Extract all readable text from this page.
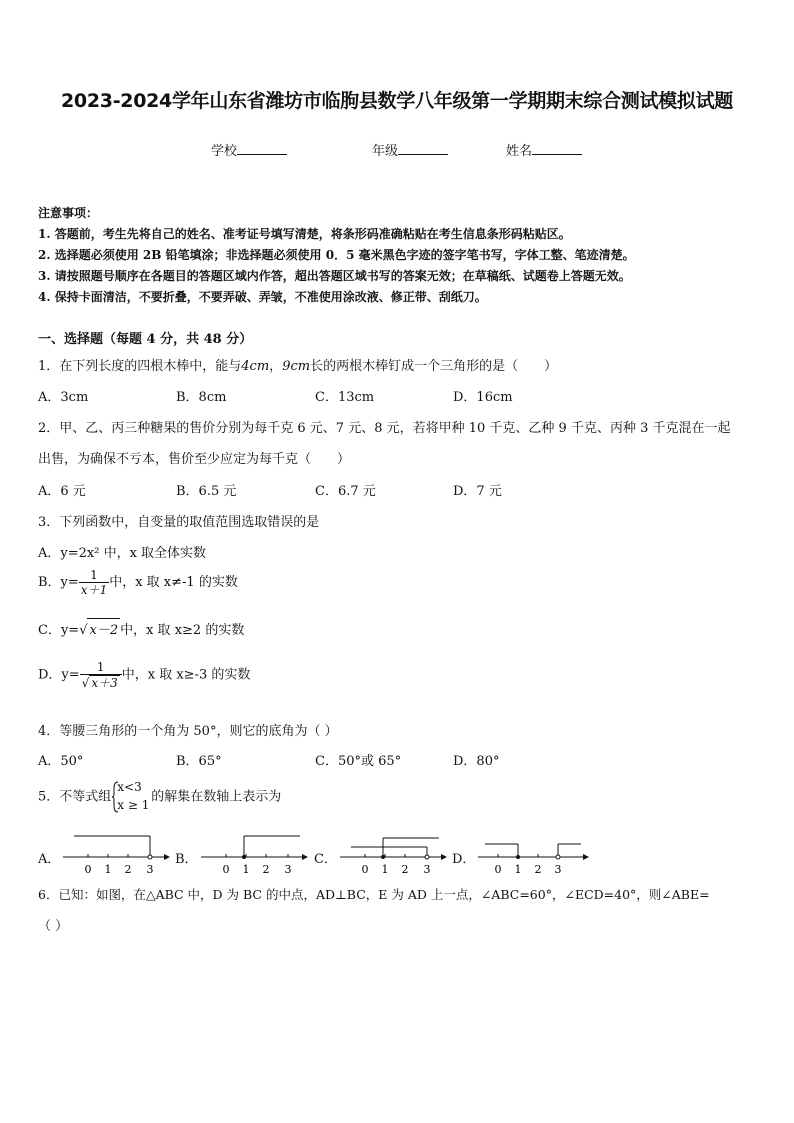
2023-2024学年山东省潍坊市临朐县数学八年级第一学期期末综合测试模拟试题
学校	年级	姓名
注意事项：
1. 答题前，考生先将自己的姓名、准考证号填写清楚，将条形码准确粘贴在考生信息条形码粘贴区。
2. 选择题必须使用 2B 铅笔填涂；非选择题必须使用 0．5 毫米黑色字迹的签字笔书写，字体工整、笔迹清楚。
3. 请按照题号顺序在各题目的答题区域内作答，超出答题区域书写的答案无效；在草稿纸、试题卷上答题无效。
4. 保持卡面清洁，不要折叠，不要弄破、弄皱，不准使用涂改液、修正带、刮纸刀。
一、选择题（每题 4 分，共 48 分）
1．在下列长度的四根木棒中，能与4cm，9cm长的两根木棒钉成一个三角形的是（　　）
A．3cm	B．8cm	C．13cm	D．16cm
2．甲、乙、丙三种糖果的售价分别为每千克 6 元、7 元、8 元，若将甲种 10 千克、乙种 9 千克、丙种 3 千克混在一起
出售，为确保不亏本，售价至少应定为每千克（　　）
A．6 元	B．6.5 元	C．6.7 元	D．7 元
3．下列函数中，自变量的取值范围选取错误的是
A．y=2x² 中，x 取全体实数
B．$y= \frac{1}{x+1}$ 中，x 取 x≠-1 的实数
C．y=√ x－2 中，x 取 x≥2 的实数
D．$y= \frac{1}{√ x+3}$ 中，x 取 x≥-3 的实数
4．等腰三角形的一个角为 50°，则它的底角为（ ）
A．50°	B．65°	C．50°或 65°	D．80°
5．不等式组
x<3
x ≥ 1
的解集在数轴上表示为
A．	B．	C．	D．
0 1 2 3	0 1 2 3	0 1 2 3	0 1 2 3
6．已知：如图，在△ABC 中，D 为 BC 的中点，AD⊥BC，E 为 AD 上一点，∠ABC=60°，∠ECD=40°，则∠ABE=
（ ）
